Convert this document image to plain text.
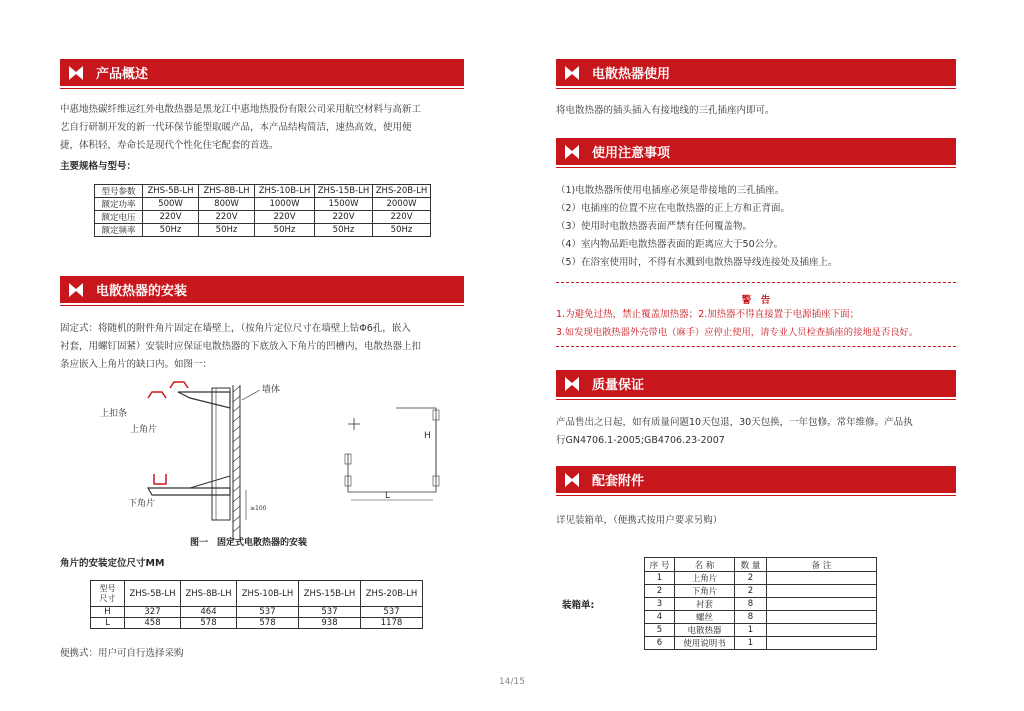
产品概述
中惠地热碳纤维远红外电散热器是黑龙江中惠地热股份有限公司采用航空材料与高新工
艺自行研制开发的新一代环保节能型取暖产品，本产品结构简洁，速热高效，使用便
捷，体积轻，寿命长是现代个性化住宅配套的首选。
主要规格与型号：
型号参数	ZHS-5B-LH	ZHS-8B-LH	ZHS-10B-LH	ZHS-15B-LH	ZHS-20B-LH
额定功率	500W	800W	1000W	1500W	2000W
额定电压	220V	220V	220V	220V	220V
额定频率	50Hz	50Hz	50Hz	50Hz	50Hz
电散热器的安装
固定式：将随机的附件角片固定在墙壁上，（按角片定位尺寸在墙壁上钻Φ6孔，嵌入
衬套，用螺钉固紧）安装时应保证电散热器的下底放入下角片的凹槽内，电散热器上扣
条应嵌入上角片的缺口内。如图一：
≥100
墙体
上扣条
上角片
下角片
H
L
图一　固定式电散热器的安装
角片的安装定位尺寸MM
型号
尺寸	ZHS-5B-LH	ZHS-8B-LH	ZHS-10B-LH	ZHS-15B-LH	ZHS-20B-LH
H	327	464	537	537	537
L	458	578	578	938	1178
便携式：用户可自行选择采购
电散热器使用
将电散热器的插头插入有接地线的三孔插座内即可。
使用注意事项
（1)电散热器所使用电插座必须是带接地的三孔插座。
（2）电插座的位置不应在电散热器的正上方和正背面。
（3）使用时电散热器表面严禁有任何覆盖物。
（4）室内物品距电散热器表面的距离应大于50公分。
（5）在浴室使用时，不得有水溅到电散热器导线连接处及插座上。
警　告
1.为避免过热，禁止覆盖加热器；2.加热器不得直接置于电源插座下面；
3.如发现电散热器外壳带电（麻手）应停止使用，请专业人员检查插座的接地是否良好。
质量保证
产品售出之日起，如有质量问题10天包退，30天包换，一年包修。常年维修。产品执
行GN4706.1-2005;GB4706.23-2007
配套附件
详见装箱单，（便携式按用户要求另购）
装箱单:
序 号	名 称	数 量	备 注
1	上角片	2	
2	下角片	2	
3	衬套	8	
4	螺丝	8	
5	电散热器	1	
6	使用说明书	1	
14/15
